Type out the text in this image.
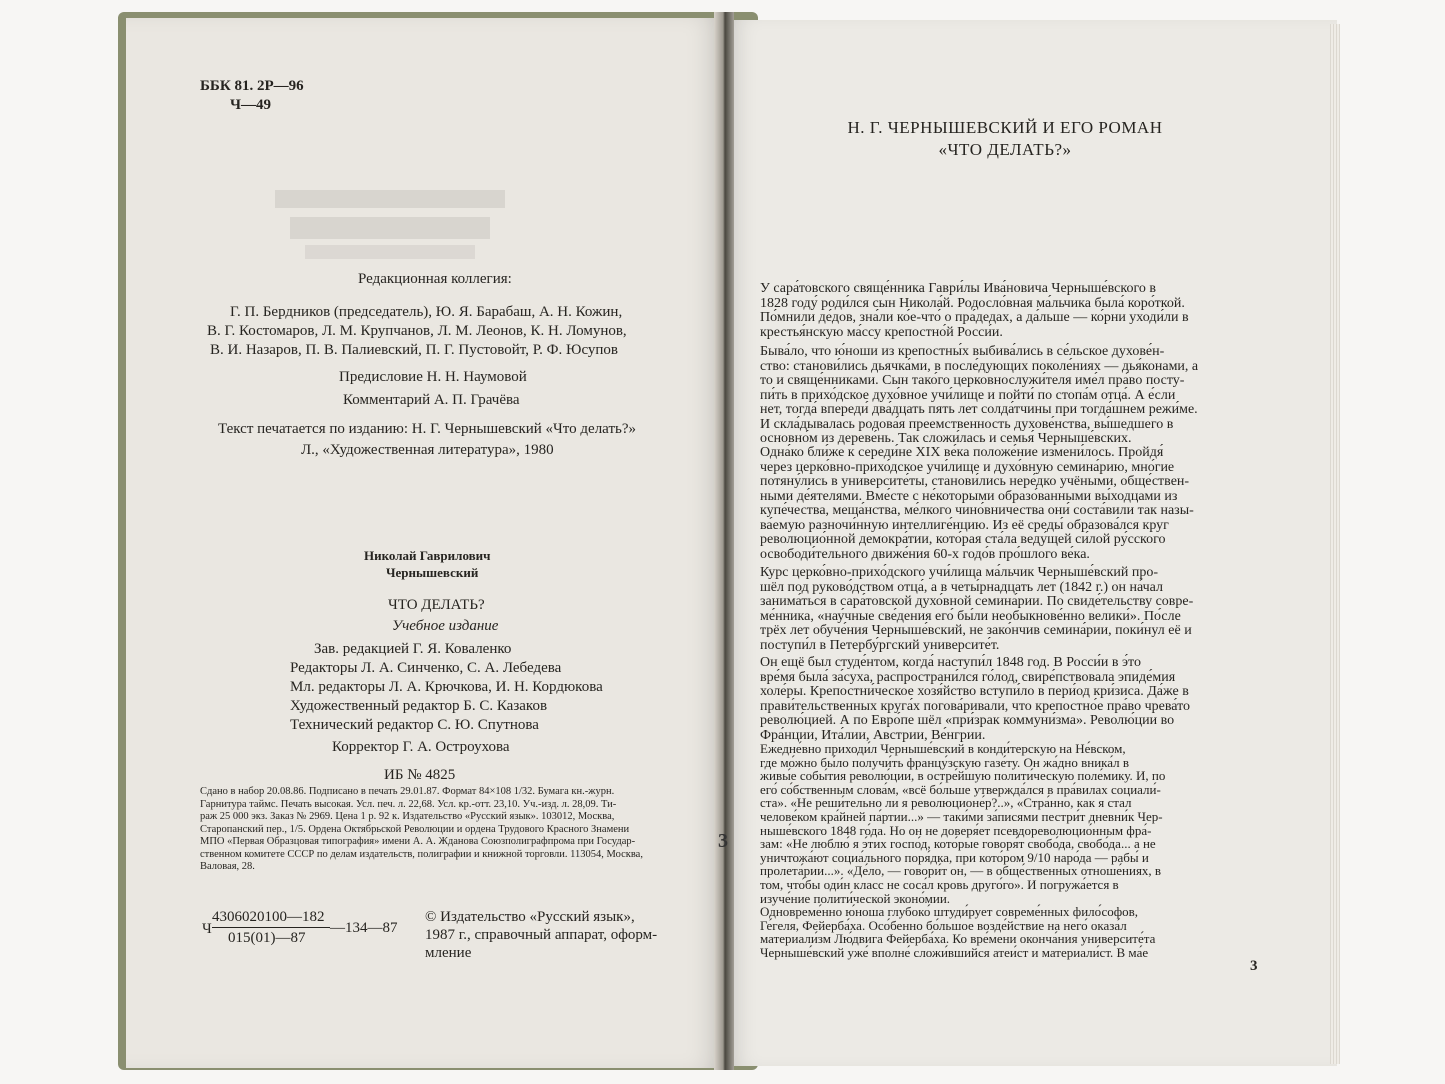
ББК 81. 2Р—96
Ч—49
Редакционная коллегия:
Г. П. Бердников (председатель), Ю. Я. Барабаш, А. Н. Кожин,
В. Г. Костомаров, Л. М. Крупчанов, Л. М. Леонов, К. Н. Ломунов,
В. И. Назаров, П. В. Палиевский, П. Г. Пустовойт, Р. Ф. Юсупов
Предисловие Н. Н. Наумовой
Комментарий А. П. Грачёва
Текст печатается по изданию: Н. Г. Чернышевский «Что делать?»
Л., «Художественная литература», 1980
Николай Гаврилович
Чернышевский
ЧТО ДЕЛАТЬ?
Учебное издание
Зав. редакцией Г. Я. Коваленко
Редакторы Л. А. Синченко, С. А. Лебедева
Мл. редакторы Л. А. Крючкова, И. Н. Кордюкова
Художественный редактор Б. С. Казаков
Технический редактор С. Ю. Спутнова
Корректор Г. А. Остроухова
ИБ № 4825
Сдано в набор 20.08.86. Подписано в печать 29.01.87. Формат 84×108 1/32. Бумага кн.-журн.
Гарнитура таймс. Печать высокая. Усл. печ. л. 22,68. Усл. кр.-отт. 23,10. Уч.-изд. л. 28,09. Ти-
раж 25 000 экз. Заказ № 2969. Цена 1 р. 92 к. Издательство «Русский язык». 103012, Москва,
Старопанский пер., 1/5. Ордена Октябрьской Революции и ордена Трудового Красного Знамени
МПО «Первая Образцовая типография» имени А. А. Жданова Союзполиграфпрома при Государ-
ственном комитете СССР по делам издательств, полиграфии и книжной торговли. 113054, Москва,
Валовая, 28.
Ч
4306020100—182
015(01)—87
—134—87
© Издательство «Русский язык»,
1987 г., справочный аппарат, оформ-
мление
3
Н. Г. ЧЕРНЫШЕВСКИЙ И ЕГО РОМАН
«ЧТО ДЕЛАТЬ?»
У сара́товского свяще́нника Гаври́лы Ива́новича Черныше́вского в
1828 году́ роди́лся сын Никола́й. Родосло́вная ма́льчика была́ коро́ткой.
По́мнили де́дов, зна́ли ко́е-что́ о пра́дедах, а да́льше — ко́рни уходи́ли в
крестья́нскую ма́ссу крепостно́й Росси́и.
Быва́ло, что ю́ноши из крепостны́х выбива́лись в се́льское духове́н-
ство: станови́лись дьячка́ми, в после́дующих поколе́ниях — дья́конами, а
то и свяще́нниками. Сын тако́го церковнослужи́теля име́л пра́во посту-
пи́ть в прихо́дское духо́вное учи́лище и пойти́ по стопа́м отца́. А е́сли
нет, тогда́ впереди́ два́дцать пять лет солда́тчины при тогда́шнем режи́ме.
И скла́дывалась родова́я преемственность духове́нства, вы́шедшего в
основно́м из дереве́нь. Так сложи́лась и семья́ Черныше́вских.
Одна́ко бли́же к середи́не XIX ве́ка положе́ние измени́лось. Пройдя́
через церко́вно-прихо́дское учи́лище и духо́вную семина́рию, мно́гие
потяну́лись в университе́ты, станови́лись нере́дко учёными, обще́ствен-
ными де́ятелями. Вме́сте с не́которыми образо́ванными вы́ходцами из
купе́чества, меща́нства, ме́лкого чино́вничества они́ соста́вили так назы-
ва́емую разночи́нную интеллиге́нцию. Из её среды́ образова́лся круг
революцио́нной демокра́тии, кото́рая ста́ла веду́щей си́лой ру́сского
освободи́тельного движе́ния 60-х годо́в про́шлого ве́ка.
Курс церко́вно-прихо́дского учи́лища ма́льчик Черныше́вский про-
шёл под руково́дством отца́, а в четы́рнадцать лет (1842 г.) он на́чал
занима́ться в сара́товской духо́вной семина́рии. По свиде́тельству совре-
ме́нника, «нау́чные све́дения его́ бы́ли необыкнове́нно велики́». По́сле
трёх лет обуче́ния Черныше́вский, не зако́нчив семина́рии, поки́нул её и
поступи́л в Петербу́ргский университе́т.
Он ещё был студе́нтом, когда́ наступи́л 1848 год. В Росси́и в э́то
вре́мя была́ за́суха, распространи́лся го́лод, свире́пствовала эпиде́мия
холе́ры. Крепостни́ческое хозя́йство вступи́ло в пери́од кри́зиса. Да́же в
прави́тельственных круга́х погова́ривали, что крепостно́е пра́во чрева́то
револю́цией. А по Евро́пе шёл «при́зрак коммуни́зма». Револю́ции во
Фра́нции, Ита́лии, Австрии, Ве́нгрии.
Ежедне́вно приходи́л Черныше́вский в конди́терскую на Не́вском,
где мо́жно бы́ло получи́ть францу́зскую газе́ту. Он жа́дно вника́л в
живы́е собы́тия револю́ции, в остре́йшую полити́ческую поле́мику. И, по
его́ со́бственным слова́м, «всё бо́льше утвержда́лся в пра́вилах социали́-
ста». «Не реши́тельно ли я революционе́р?..», «Стра́нно, как я стал
челове́ком кра́йней па́ртии...» — таки́ми за́писями пестри́т дневни́к Чер-
ныше́вского 1848 го́да. Но он не доверя́ет псевдореволюцио́нным фра́-
зам: «Не люблю́ я э́тих госпо́д, кото́рые говоря́т свобо́да, свобо́да... а не
уничтожа́ют социа́льного поря́дка, при кото́ром 9/10 наро́да — рабы́ и
пролета́рии...». «Де́ло, — говори́т он, — в обще́ственных отноше́ниях, в
том, что́бы оди́н класс не соса́л кровь друго́го». И погружа́ется в
изуче́ние полити́ческой эконо́мии.
Одновреме́нно ю́ноша глубоко́ штуди́рует совреме́нных фило́софов,
Ге́геля, Фейерба́ха. Осо́бенно бо́льшое возде́йствие на него́ оказа́л
материали́зм Лю́двига Фейерба́ха. Ко вре́мени оконча́ния университе́та
Черныше́вский уже́ вполне́ сложи́вшийся атеи́ст и материали́ст. В ма́е
3
